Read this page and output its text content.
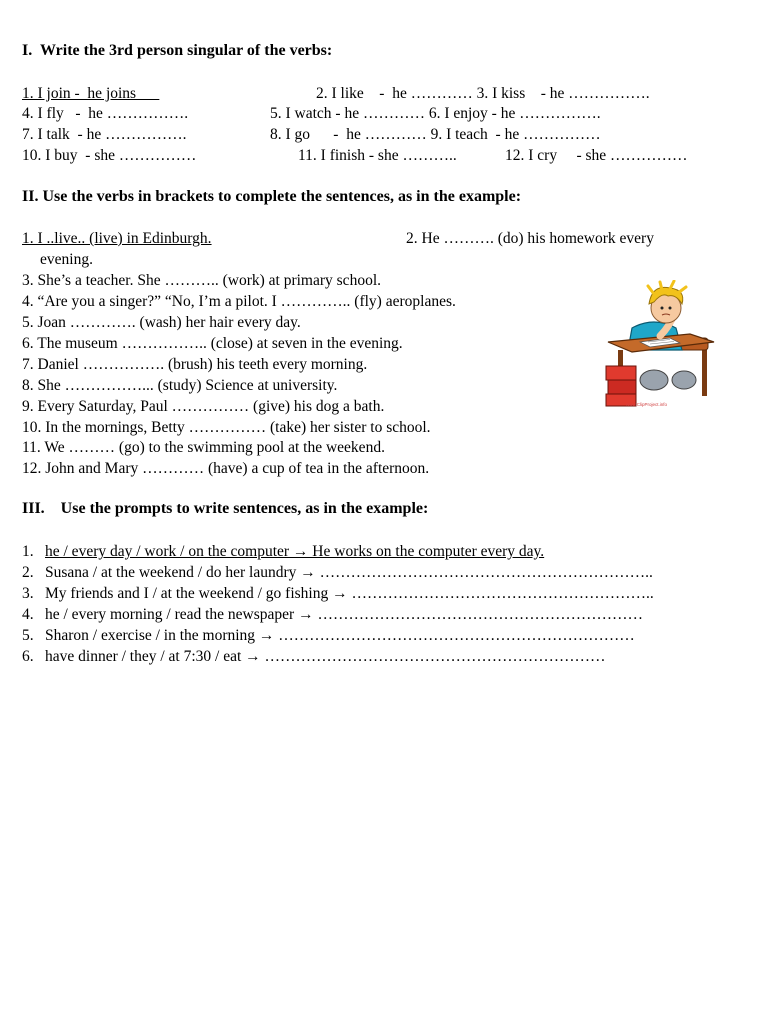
I.  Write the 3rd person singular of the verbs:
1. I join -  he joins	2. I like    -  he ………… 3. I kiss    - he …………….
4. I fly   -  he …………….	5. I watch - he ………… 6. I enjoy - he …………….
7. I talk  - he …………….	8. I go      -  he ………… 9. I teach  - he ……………
10. I buy  - she ……………	11. I finish - she ………..	12. I cry     - she ……………
II. Use the verbs in brackets to complete the sentences, as in the example:
1. I ..live.. (live) in Edinburgh.	2. He ………. (do) his homework every
evening.
3. She’s a teacher. She ……….. (work) at primary school.
4. “Are you a singer?” “No, I’m a pilot. I ………….. (fly) aeroplanes.
5. Joan …………. (wash) her hair every day.
6. The museum …………….. (close) at seven in the evening.
7. Daniel ……………. (brush) his teeth every morning.
8. She ……………... (study) Science at university.
9. Every Saturday, Paul …………… (give) his dog a bath.
10. In the mornings, Betty …………… (take) her sister to school.
11. We ……… (go) to the swimming pool at the weekend.
12. John and Mary ………… (have) a cup of tea in the afternoon.
www.ClipProject.info
III.    Use the prompts to write sentences, as in the example:
1. he / every day / work / on the computer → He works on the computer every day.
2. Susana / at the weekend / do her laundry → ………………………………………………………..
3. My friends and I / at the weekend / go fishing → …………………………………………………..
4. he / every morning / read the newspaper → ………………………………………………………
5. Sharon / exercise / in the morning → ……………………………………………………………
6. have dinner / they / at 7:30 / eat → …………………………………………………………
